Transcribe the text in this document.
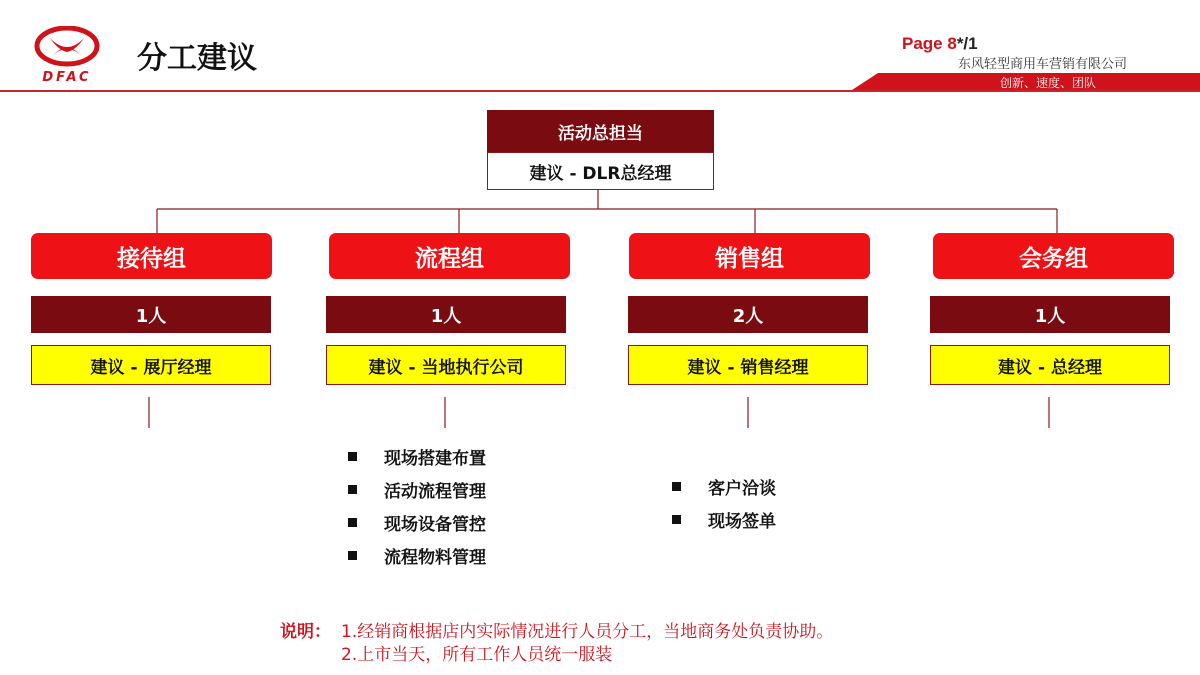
DFAC
分工建议	Page 8*/1
东风轻型商用车营销有限公司
创新、速度、团队
活动总担当
建议 - DLR总经理
接待组
1人
建议 - 展厅经理
流程组
1人
建议 - 当地执行公司
销售组
2人
建议 - 销售经理
会务组
1人
建议 - 总经理
现场搭建布置
活动流程管理
现场设备管控
流程物料管理
客户洽谈
现场签单
说明： 1.经销商根据店内实际情况进行人员分工，当地商务处负责协助。
2.上市当天，所有工作人员统一服装
